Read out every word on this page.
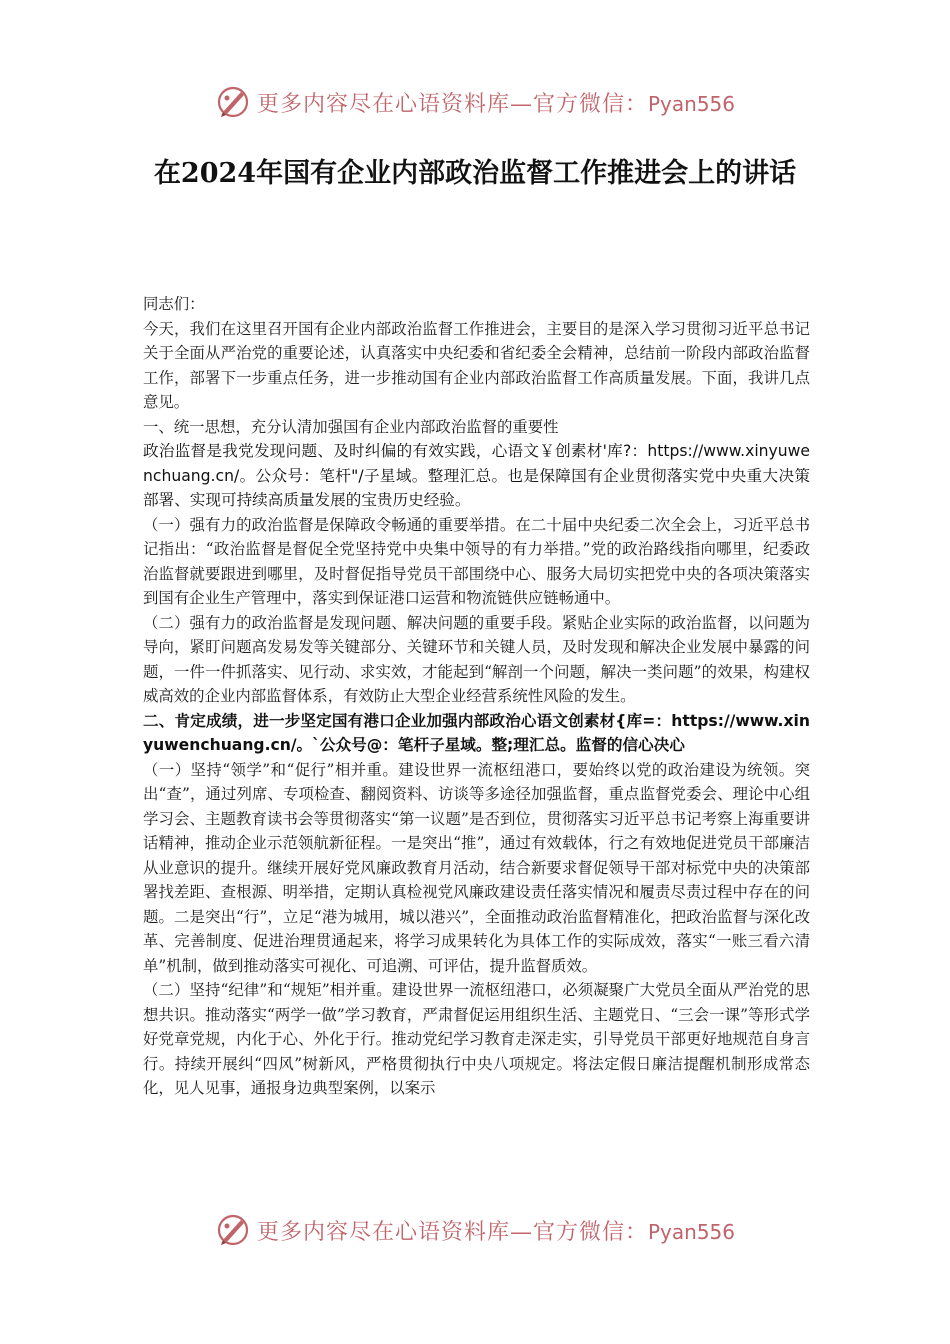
更多内容尽在心语资料库—官方微信：Pyan556
在2024年国有企业内部政治监督工作推进会上的讲话

同志们：

今天，我们在这里召开国有企业内部政治监督工作推进会，主要目的是深入学习贯彻习近平总书记关于全面从严治党的重要论述，认真落实中央纪委和省纪委全会精神，总结前一阶段内部政治监督工作，部署下一步重点任务，进一步推动国有企业内部政治监督工作高质量发展。下面，我讲几点意见。

一、统一思想，充分认清加强国有企业内部政治监督的重要性

政治监督是我党发现问题、及时纠偏的有效实践，心语文￥创素材'库?：https://www.xinyuwenchuang.cn/。公众号：笔杆"/子星域。整理汇总。也是保障国有企业贯彻落实党中央重大决策部署、实现可持续高质量发展的宝贵历史经验。

（一）强有力的政治监督是保障政令畅通的重要举措。在二十届中央纪委二次全会上，习近平总书记指出：“政治监督是督促全党坚持党中央集中领导的有力举措。”党的政治路线指向哪里，纪委政治监督就要跟进到哪里，及时督促指导党员干部围绕中心、服务大局切实把党中央的各项决策落实到国有企业生产管理中，落实到保证港口运营和物流链供应链畅通中。

（二）强有力的政治监督是发现问题、解决问题的重要手段。紧贴企业实际的政治监督，以问题为导向，紧盯问题高发易发等关键部分、关键环节和关键人员，及时发现和解决企业发展中暴露的问题，一件一件抓落实、见行动、求实效，才能起到“解剖一个问题，解决一类问题”的效果，构建权威高效的企业内部监督体系，有效防止大型企业经营系统性风险的发生。

二、肯定成绩，进一步坚定国有港口企业加强内部政治心语文创素材{库=：https://www.xinyuwenchuang.cn/。`公众号@：笔杆子星域。整;理汇总。监督的信心决心

（一）坚持“领学”和“促行”相并重。建设世界一流枢纽港口，要始终以党的政治建设为统领。突出“查”，通过列席、专项检查、翻阅资料、访谈等多途径加强监督，重点监督党委会、理论中心组学习会、主题教育读书会等贯彻落实“第一议题”是否到位，贯彻落实习近平总书记考察上海重要讲话精神，推动企业示范领航新征程。一是突出“推”，通过有效载体，行之有效地促进党员干部廉洁从业意识的提升。继续开展好党风廉政教育月活动，结合新要求督促领导干部对标党中央的决策部署找差距、查根源、明举措，定期认真检视党风廉政建设责任落实情况和履责尽责过程中存在的问题。二是突出“行”，立足“港为城用，城以港兴”，全面推动政治监督精准化，把政治监督与深化改革、完善制度、促进治理贯通起来，将学习成果转化为具体工作的实际成效，落实“一账三看六清单”机制，做到推动落实可视化、可追溯、可评估，提升监督质效。

（二）坚持“纪律”和“规矩”相并重。建设世界一流枢纽港口，必须凝聚广大党员全面从严治党的思想共识。推动落实“两学一做”学习教育，严肃督促运用组织生活、主题党日、“三会一课”等形式学好党章党规，内化于心、外化于行。推动党纪学习教育走深走实，引导党员干部更好地规范自身言行。持续开展纠“四风”树新风，严格贯彻执行中央八项规定。将法定假日廉洁提醒机制形成常态化，见人见事，通报身边典型案例，以案示

更多内容尽在心语资料库—官方微信：Pyan556
